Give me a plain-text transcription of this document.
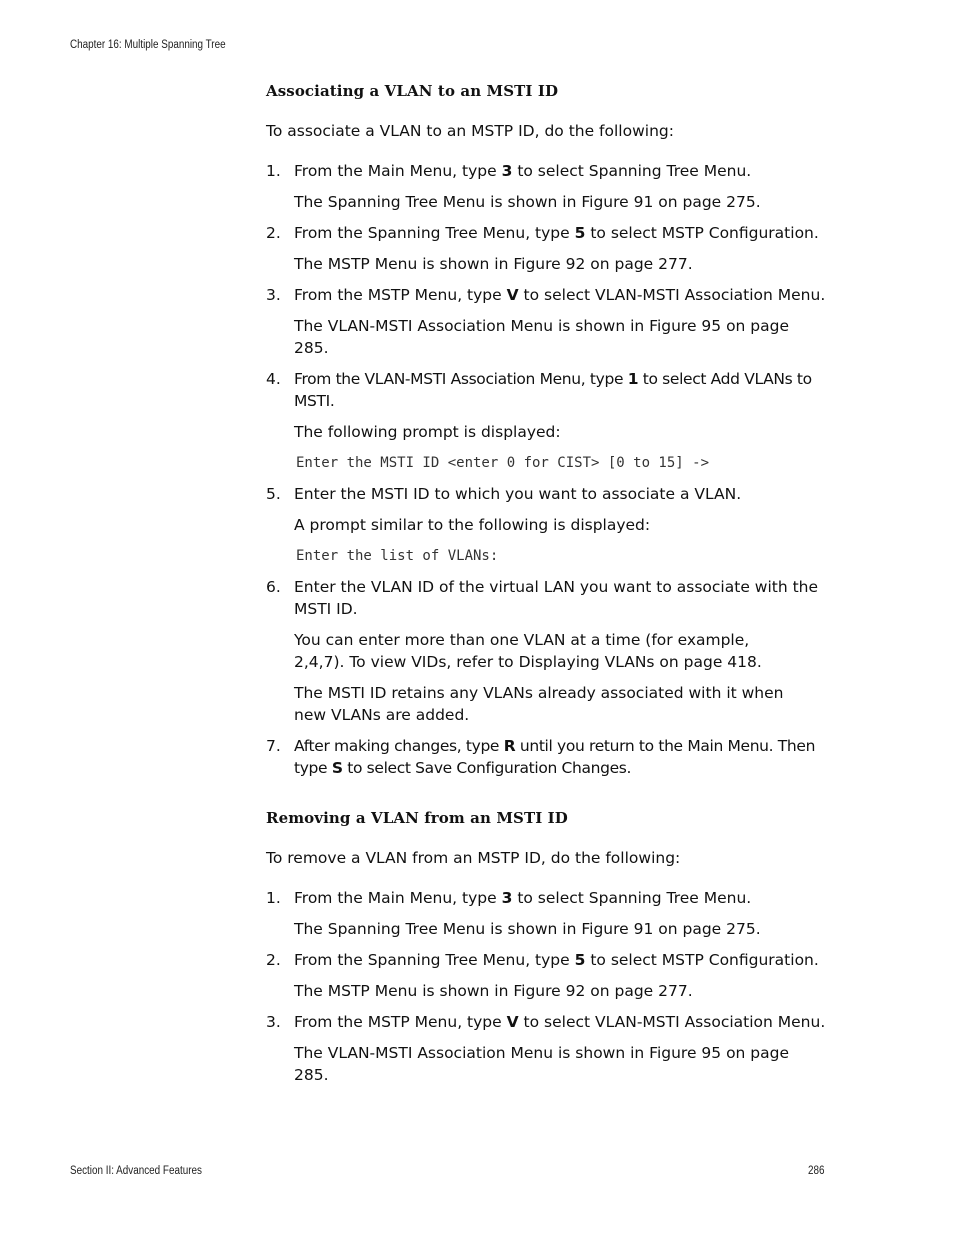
Chapter 16: Multiple Spanning Tree
Associating a VLAN to an MSTI ID

To associate a VLAN to an MSTP ID, do the following:

1. From the Main Menu, type 3 to select Spanning Tree Menu.
The Spanning Tree Menu is shown in Figure 91 on page 275.
2. From the Spanning Tree Menu, type 5 to select MSTP Configuration.
The MSTP Menu is shown in Figure 92 on page 277.
3. From the MSTP Menu, type V to select VLAN-MSTI Association Menu.
The VLAN-MSTI Association Menu is shown in Figure 95 on page 285.
4. From the VLAN-MSTI Association Menu, type 1 to select Add VLANs to MSTI.
The following prompt is displayed:
Enter the MSTI ID <enter 0 for CIST> [0 to 15] ->
5. Enter the MSTI ID to which you want to associate a VLAN.
A prompt similar to the following is displayed:
Enter the list of VLANs:
6. Enter the VLAN ID of the virtual LAN you want to associate with the MSTI ID.
You can enter more than one VLAN at a time (for example, 2,4,7). To view VIDs, refer to Displaying VLANs on page 418.
The MSTI ID retains any VLANs already associated with it when new VLANs are added.
7. After making changes, type R until you return to the Main Menu. Then type S to select Save Configuration Changes.
Removing a VLAN from an MSTI ID

To remove a VLAN from an MSTP ID, do the following:

1. From the Main Menu, type 3 to select Spanning Tree Menu.
The Spanning Tree Menu is shown in Figure 91 on page 275.
2. From the Spanning Tree Menu, type 5 to select MSTP Configuration.
The MSTP Menu is shown in Figure 92 on page 277.
3. From the MSTP Menu, type V to select VLAN-MSTI Association Menu.
The VLAN-MSTI Association Menu is shown in Figure 95 on page 285.
Section II: Advanced Features	286
